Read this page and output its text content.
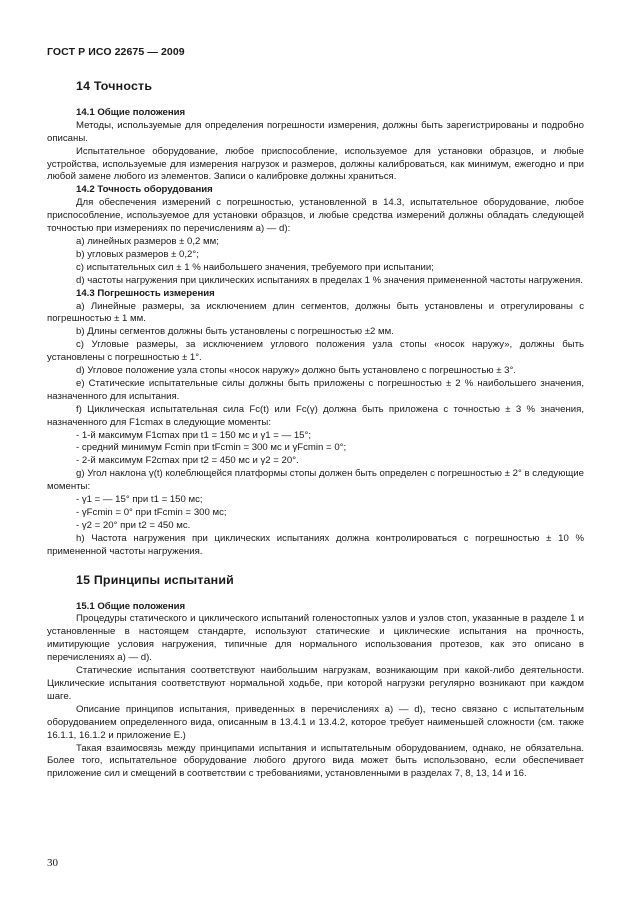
ГОСТ Р ИСО 22675 — 2009
14 Точность
14.1 Общие положения
Методы, используемые для определения погрешности измерения, должны быть зарегистрированы и подробно описаны.
Испытательное оборудование, любое приспособление, используемое для установки образцов, и любые устройства, используемые для измерения нагрузок и размеров, должны калиброваться, как минимум, ежегодно и при любой замене любого из элементов. Записи о калибровке должны храниться.
14.2 Точность оборудования
Для обеспечения измерений с погрешностью, установленной в 14.3, испытательное оборудование, любое приспособление, используемое для установки образцов, и любые средства измерений должны обладать следующей точностью при измерениях по перечислениям а) — d):
а) линейных размеров ± 0,2 мм;
b) угловых размеров ± 0,2°;
с) испытательных сил ± 1 % наибольшего значения, требуемого при испытании;
d) частоты нагружения при циклических испытаниях в пределах 1 % значения примененной частоты нагружения.
14.3 Погрешность измерения
а) Линейные размеры, за исключением длин сегментов, должны быть установлены и отрегулированы с погрешностью ± 1 мм.
b) Длины сегментов должны быть установлены с погрешностью ±2 мм.
с) Угловые размеры, за исключением углового положения узла стопы «носок наружу», должны быть установлены с погрешностью ± 1°.
d) Угловое положение узла стопы «носок наружу» должно быть установлено с погрешностью ± 3°.
е) Статические испытательные силы должны быть приложены с погрешностью ± 2 % наибольшего значения, назначенного для испытания.
f) Циклическая испытательная сила Fc(t) или Fc(γ) должна быть приложена с точностью ± 3 % значения, назначенного для F1cmax в следующие моменты:
- 1-й максимум F1cmax при t1 = 150 мс и γ1 = — 15°;
- средний минимум Fcmin при tFcmin = 300 мс и γFcmin = 0°;
- 2-й максимум F2cmax при t2 = 450 мс и γ2 = 20°.
g) Угол наклона γ(t) колеблющейся платформы стопы должен быть определен с погрешностью ± 2° в следующие моменты:
- γ1 = — 15° при t1 = 150 мс;
- γFcmin = 0° при tFcmin = 300 мс;
- γ2 = 20° при t2 = 450 мс.
h) Частота нагружения при циклических испытаниях должна контролироваться с погрешностью ± 10 % примененной частоты нагружения.
15 Принципы испытаний
15.1 Общие положения
Процедуры статического и циклического испытаний голеностопных узлов и узлов стоп, указанные в разделе 1 и установленные в настоящем стандарте, используют статические и циклические испытания на прочность, имитирующие условия нагружения, типичные для нормального использования протезов, как это описано в перечислениях а) — d).
Статические испытания соответствуют наибольшим нагрузкам, возникающим при какой-либо деятельности. Циклические испытания соответствуют нормальной ходьбе, при которой нагрузки регулярно возникают при каждом шаге.
Описание принципов испытания, приведенных в перечислениях а) — d), тесно связано с испытательным оборудованием определенного вида, описанным в 13.4.1 и 13.4.2, которое требует наименьшей сложности (см. также 16.1.1, 16.1.2 и приложение Е.)
Такая взаимосвязь между принципами испытания и испытательным оборудованием, однако, не обязательна. Более того, испытательное оборудование любого другого вида может быть использовано, если обеспечивает приложение сил и смещений в соответствии с требованиями, установленными в разделах 7, 8, 13, 14 и 16.
30
